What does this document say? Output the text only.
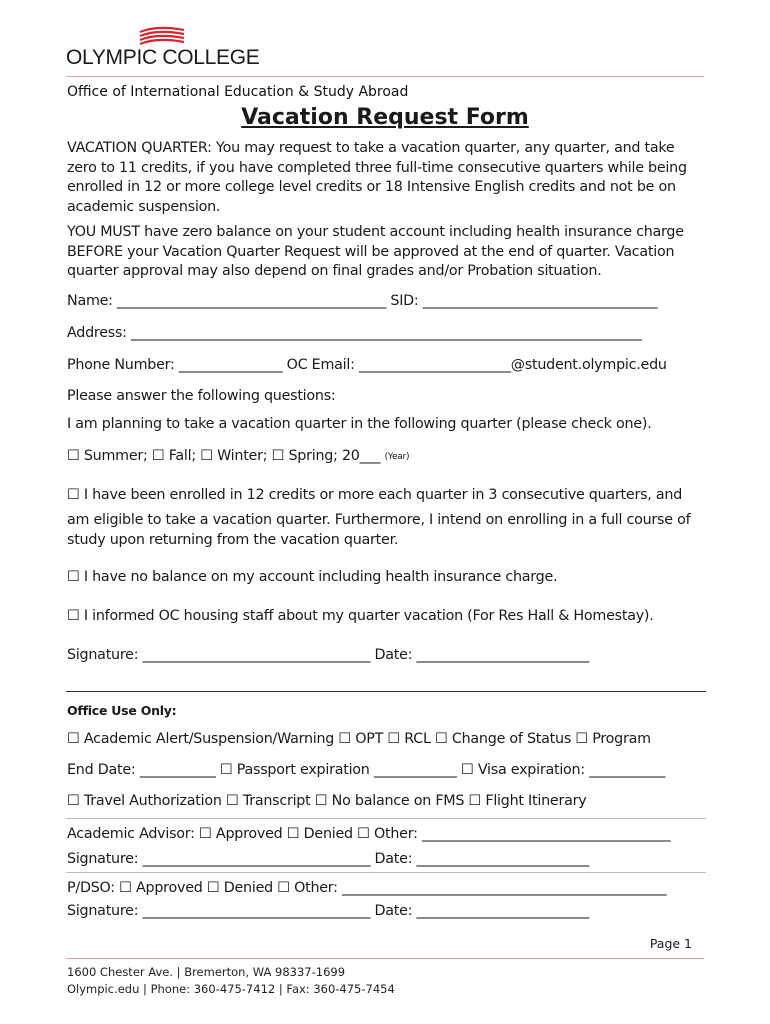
OLYMPIC COLLEGE
Office of International Education & Study Abroad
Vacation Request Form
VACATION QUARTER: You may request to take a vacation quarter, any quarter, and take zero to 11 credits, if you have completed three full-time consecutive quarters while being enrolled in 12 or more college level credits or 18 Intensive English credits and not be on academic suspension.
YOU MUST have zero balance on your student account including health insurance charge BEFORE your Vacation Quarter Request will be approved at the end of quarter. Vacation quarter approval may also depend on final grades and/or Probation situation.
Name: _______________________________________ SID: __________________________________
Address: __________________________________________________________________________
Phone Number: _______________ OC Email: ______________________@student.olympic.edu
Please answer the following questions:
I am planning to take a vacation quarter in the following quarter (please check one).
☐ Summer; ☐ Fall; ☐ Winter; ☐ Spring; 20___ (Year)
☐ I have been enrolled in 12 credits or more each quarter in 3 consecutive quarters, and
am eligible to take a vacation quarter. Furthermore, I intend on enrolling in a full course of
study upon returning from the vacation quarter.
☐ I have no balance on my account including health insurance charge.
☐ I informed OC housing staff about my quarter vacation (For Res Hall & Homestay).
Signature: _________________________________ Date: _________________________
Office Use Only:
☐ Academic Alert/Suspension/Warning ☐ OPT ☐ RCL ☐ Change of Status ☐ Program
End Date: ___________ ☐ Passport expiration ____________ ☐ Visa expiration: ___________
☐ Travel Authorization ☐ Transcript ☐ No balance on FMS ☐ Flight Itinerary
Academic Advisor: ☐ Approved ☐ Denied ☐ Other: ____________________________________
Signature: _________________________________ Date: _________________________
P/DSO: ☐ Approved ☐ Denied ☐ Other: _______________________________________________
Signature: _________________________________ Date: _________________________
Page 1
1600 Chester Ave. | Bremerton, WA 98337-1699
Olympic.edu | Phone: 360-475-7412 | Fax: 360-475-7454
